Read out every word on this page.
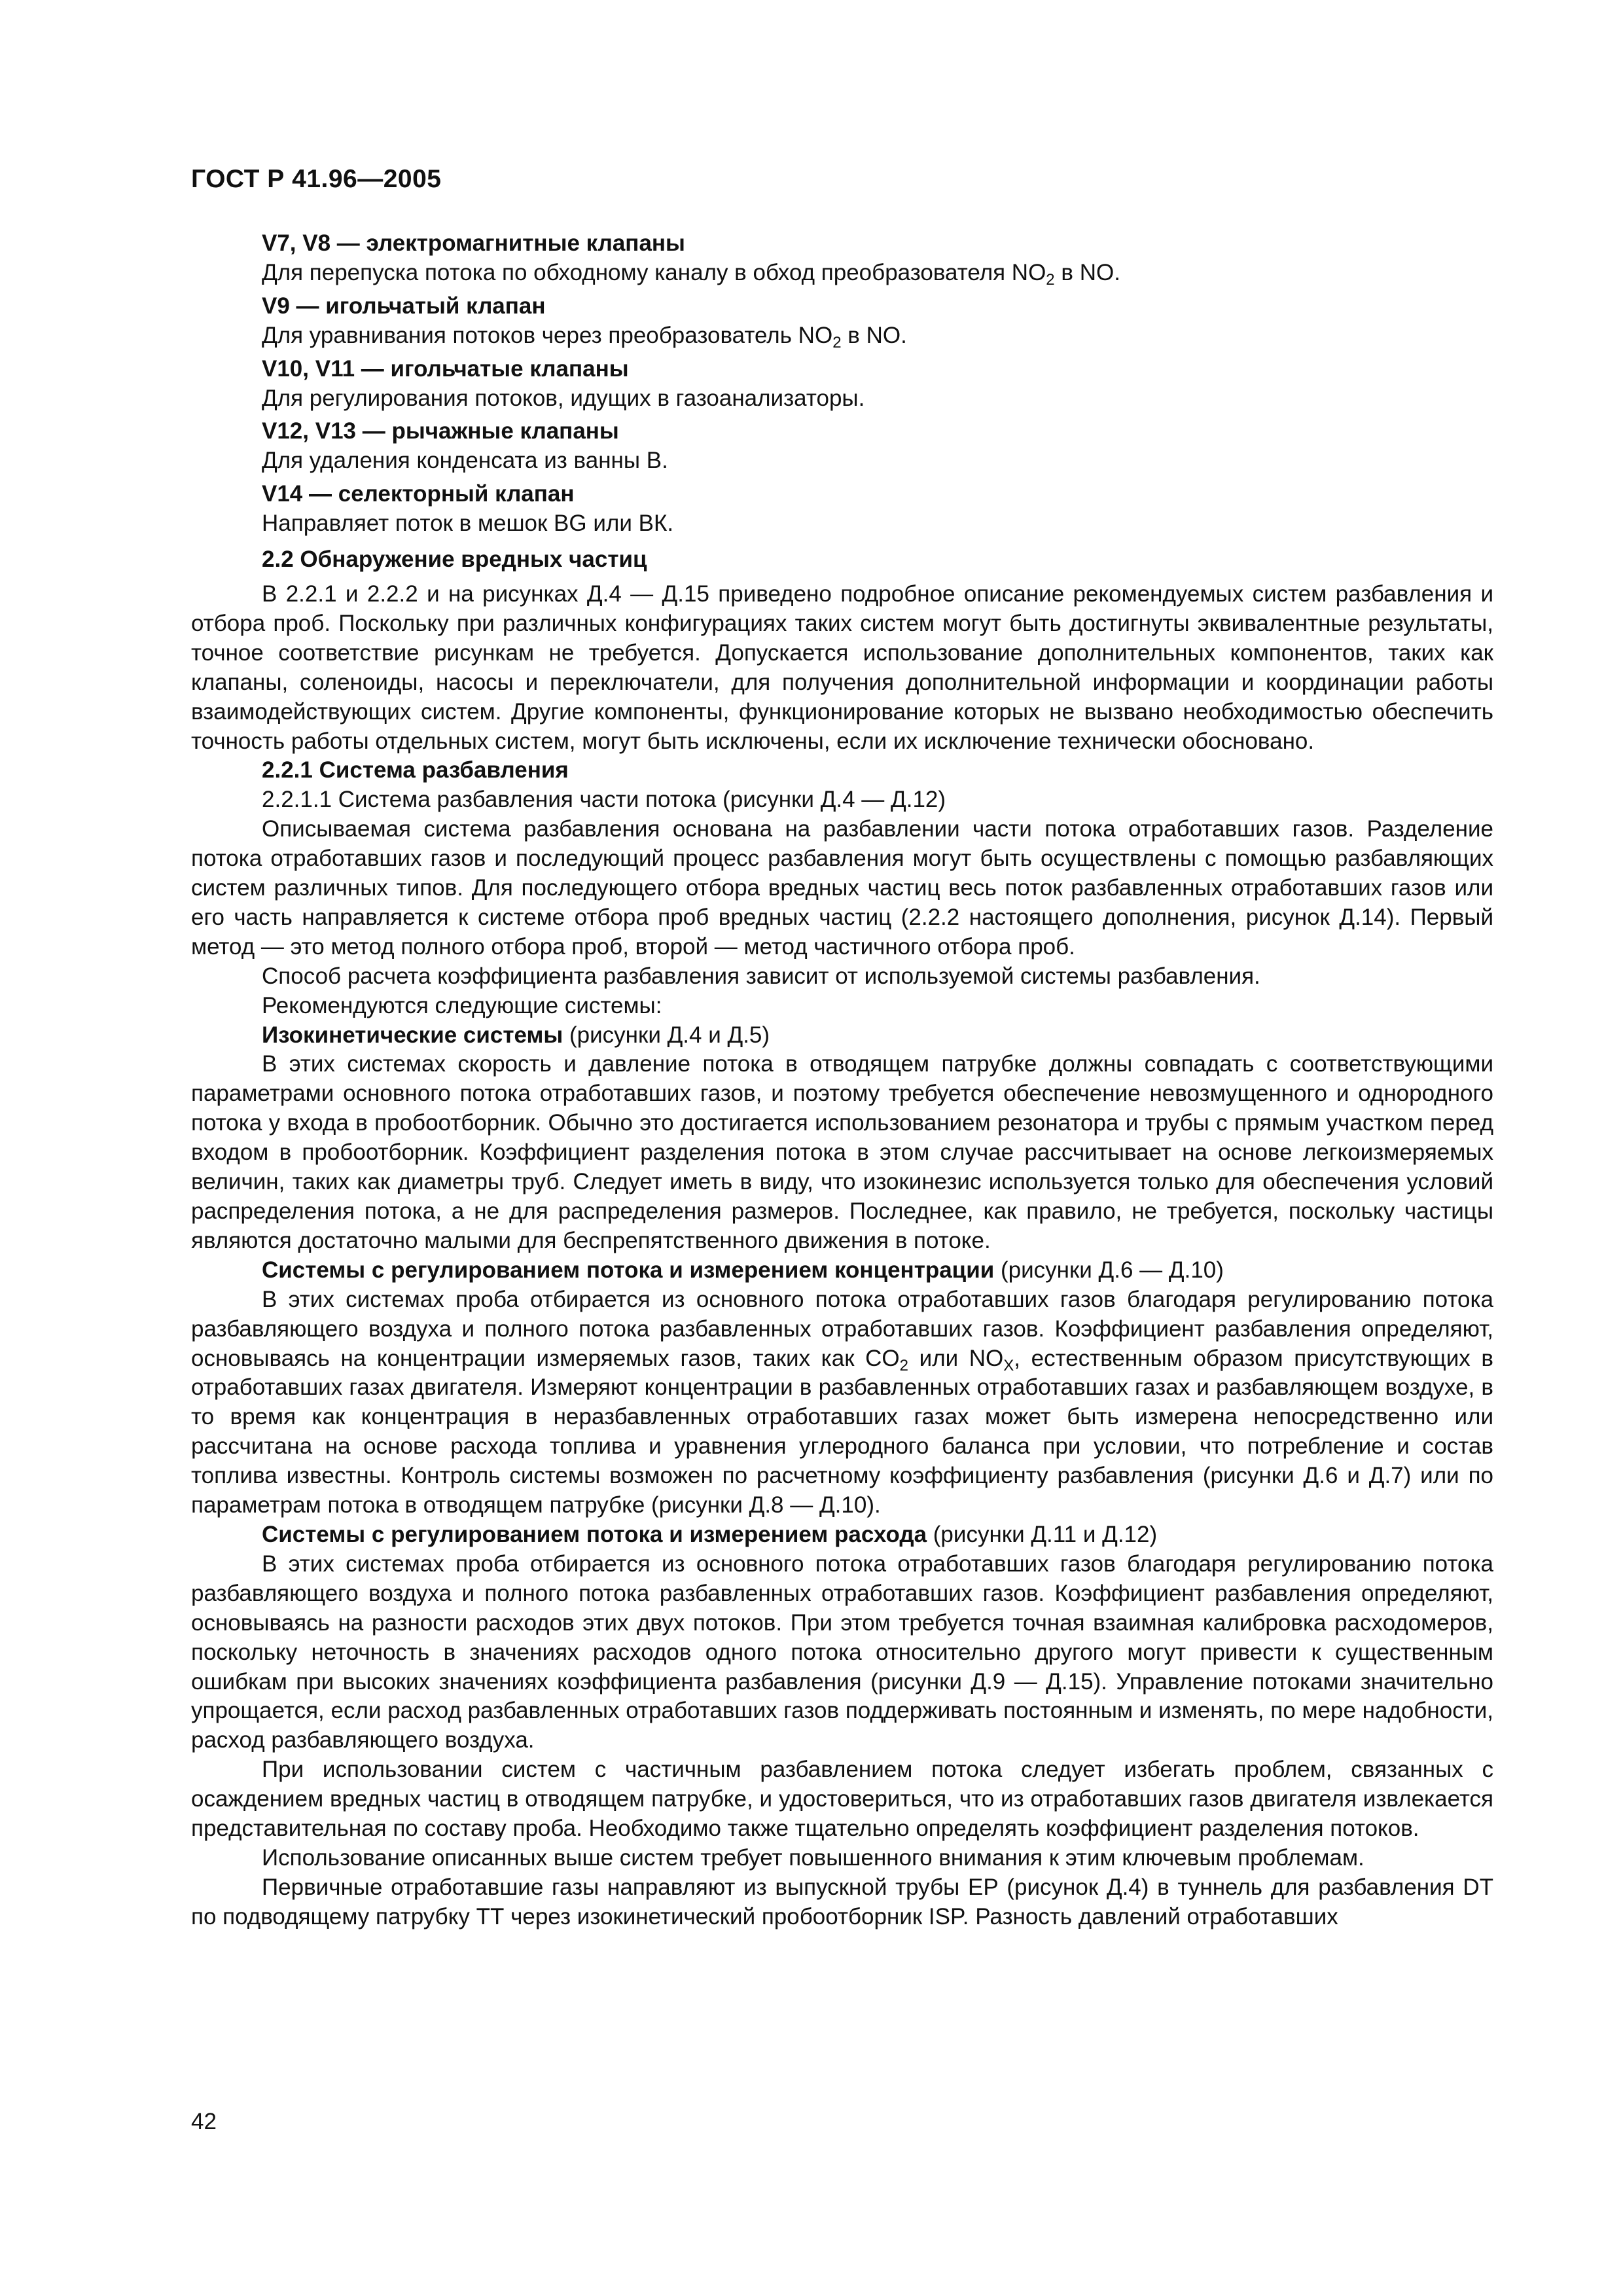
ГОСТ Р 41.96—2005

V7, V8 — электромагнитные клапаны

Для перепуска потока по обходному каналу в обход преобразователя $NO_2$ в NO.

V9 — игольчатый клапан

Для уравнивания потоков через преобразователь $NO_2$ в NO.

V10, V11 — игольчатые клапаны

Для регулирования потоков, идущих в газоанализаторы.

V12, V13 — рычажные клапаны

Для удаления конденсата из ванны В.

V14 — селекторный клапан

Направляет поток в мешок BG или ВК.

2.2 Обнаружение вредных частиц

В 2.2.1 и 2.2.2 и на рисунках Д.4 — Д.15 приведено подробное описание рекомендуемых систем разбавления и отбора проб. Поскольку при различных конфигурациях таких систем могут быть достигнуты эквивалентные результаты, точное соответствие рисункам не требуется. Допускается использование дополнительных компонентов, таких как клапаны, соленоиды, насосы и переключатели, для получения дополнительной информации и координации работы взаимодействующих систем. Другие компоненты, функционирование которых не вызвано необходимостью обеспечить точность работы отдельных систем, могут быть исключены, если их исключение технически обосновано.

2.2.1 Система разбавления

2.2.1.1 Система разбавления части потока (рисунки Д.4 — Д.12)

Описываемая система разбавления основана на разбавлении части потока отработавших газов. Разделение потока отработавших газов и последующий процесс разбавления могут быть осуществлены с помощью разбавляющих систем различных типов. Для последующего отбора вредных частиц весь поток разбавленных отработавших газов или его часть направляется к системе отбора проб вредных частиц (2.2.2 настоящего дополнения, рисунок Д.14). Первый метод — это метод полного отбора проб, второй — метод частичного отбора проб.

Способ расчета коэффициента разбавления зависит от используемой системы разбавления.

Рекомендуются следующие системы:

Изокинетические системы (рисунки Д.4 и Д.5)

В этих системах скорость и давление потока в отводящем патрубке должны совпадать с соответствующими параметрами основного потока отработавших газов, и поэтому требуется обеспечение невозмущенного и однородного потока у входа в пробоотборник. Обычно это достигается использованием резонатора и трубы с прямым участком перед входом в пробоотборник. Коэффициент разделения потока в этом случае рассчитывает на основе легкоизмеряемых величин, таких как диаметры труб. Следует иметь в виду, что изокинезис используется только для обеспечения условий распределения потока, а не для распределения размеров. Последнее, как правило, не требуется, поскольку частицы являются достаточно малыми для беспрепятственного движения в потоке.

Системы с регулированием потока и измерением концентрации (рисунки Д.6 — Д.10)

В этих системах проба отбирается из основного потока отработавших газов благодаря регулированию потока разбавляющего воздуха и полного потока разбавленных отработавших газов. Коэффициент разбавления определяют, основываясь на концентрации измеряемых газов, таких как $CO_2$ или $NO_X$, естественным образом присутствующих в отработавших газах двигателя. Измеряют концентрации в разбавленных отработавших газах и разбавляющем воздухе, в то время как концентрация в неразбавленных отработавших газах может быть измерена непосредственно или рассчитана на основе расхода топлива и уравнения углеродного баланса при условии, что потребление и состав топлива известны. Контроль системы возможен по расчетному коэффициенту разбавления (рисунки Д.6 и Д.7) или по параметрам потока в отводящем патрубке (рисунки Д.8 — Д.10).

Системы с регулированием потока и измерением расхода (рисунки Д.11 и Д.12)

В этих системах проба отбирается из основного потока отработавших газов благодаря регулированию потока разбавляющего воздуха и полного потока разбавленных отработавших газов. Коэффициент разбавления определяют, основываясь на разности расходов этих двух потоков. При этом требуется точная взаимная калибровка расходомеров, поскольку неточность в значениях расходов одного потока относительно другого могут привести к существенным ошибкам при высоких значениях коэффициента разбавления (рисунки Д.9 — Д.15). Управление потоками значительно упрощается, если расход разбавленных отработавших газов поддерживать постоянным и изменять, по мере надобности, расход разбавляющего воздуха.

При использовании систем с частичным разбавлением потока следует избегать проблем, связанных с осаждением вредных частиц в отводящем патрубке, и удостовериться, что из отработавших газов двигателя извлекается представительная по составу проба. Необходимо также тщательно определять коэффициент разделения потоков.

Использование описанных выше систем требует повышенного внимания к этим ключевым проблемам.

Первичные отработавшие газы направляют из выпускной трубы ЕР (рисунок Д.4) в туннель для разбавления DT по подводящему патрубку ТТ через изокинетический пробоотборник ISP. Разность давлений отработавших

42
